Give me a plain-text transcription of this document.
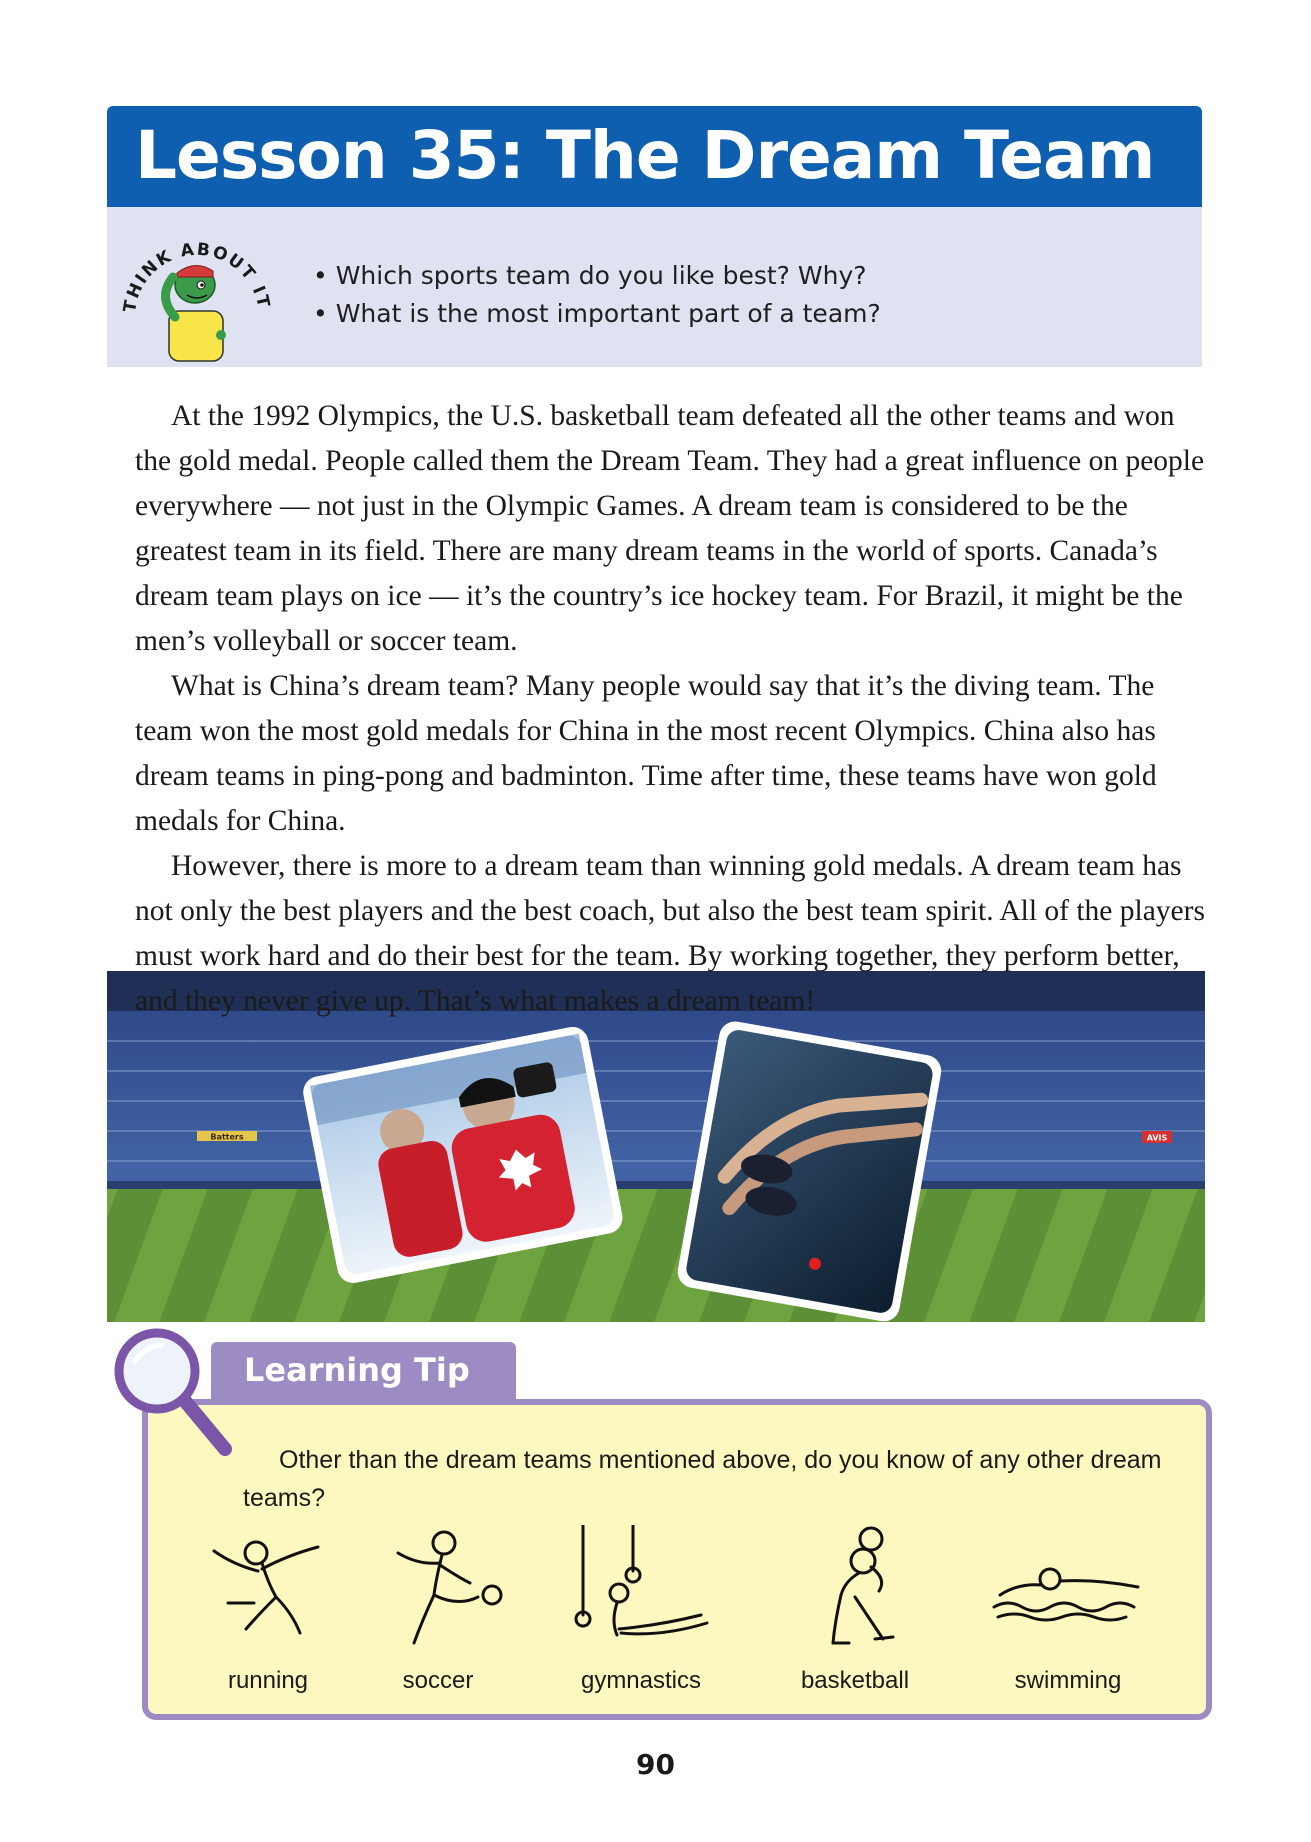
Lesson 35: The Dream Team
THINK ABOUT IT
• Which sports team do you like best? Why?
• What is the most important part of a team?
Batters	AVIS

At the 1992 Olympics, the U.S. basketball team defeated all the other teams and won the gold medal. People called them the Dream Team. They had a great influence on people everywhere — not just in the Olympic Games. A dream team is considered to be the greatest team in its field. There are many dream teams in the world of sports. Canada’s dream team plays on ice — it’s the country’s ice hockey team. For Brazil, it might be the men’s volleyball or soccer team.

What is China’s dream team? Many people would say that it’s the diving team. The team won the most gold medals for China in the most recent Olympics. China also has dream teams in ping-pong and badminton. Time after time, these teams have won gold medals for China.

However, there is more to a dream team than winning gold medals. A dream team has not only the best players and the best coach, but also the best team spirit. All of the players must work hard and do their best for the team. By working together, they perform better, and they never give up. That’s what makes a dream team!

Learning Tip
Other than the dream teams mentioned above, do you know of any other dream teams?
running	soccer	gymnastics	basketball	swimming
90
